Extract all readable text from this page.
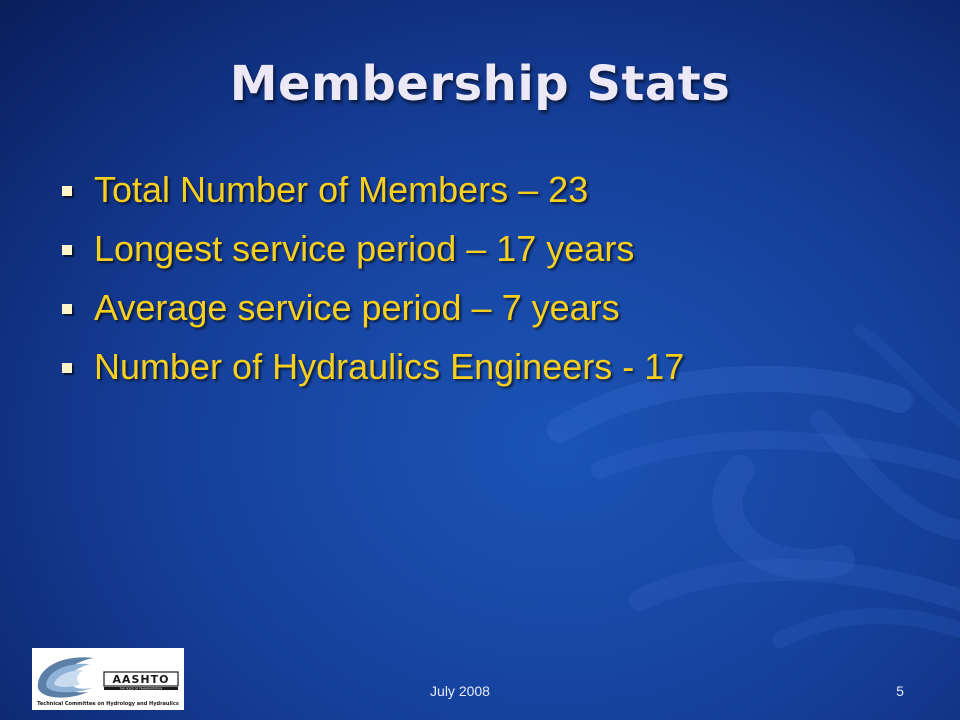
Membership Stats
Total Number of Members – 23
Longest service period – 17 years
Average service period – 7 years
Number of Hydraulics Engineers - 17
AASHTO
THE VOICE OF TRANSPORTATION
Technical Committee on Hydrology and Hydraulics
July 2008	5
